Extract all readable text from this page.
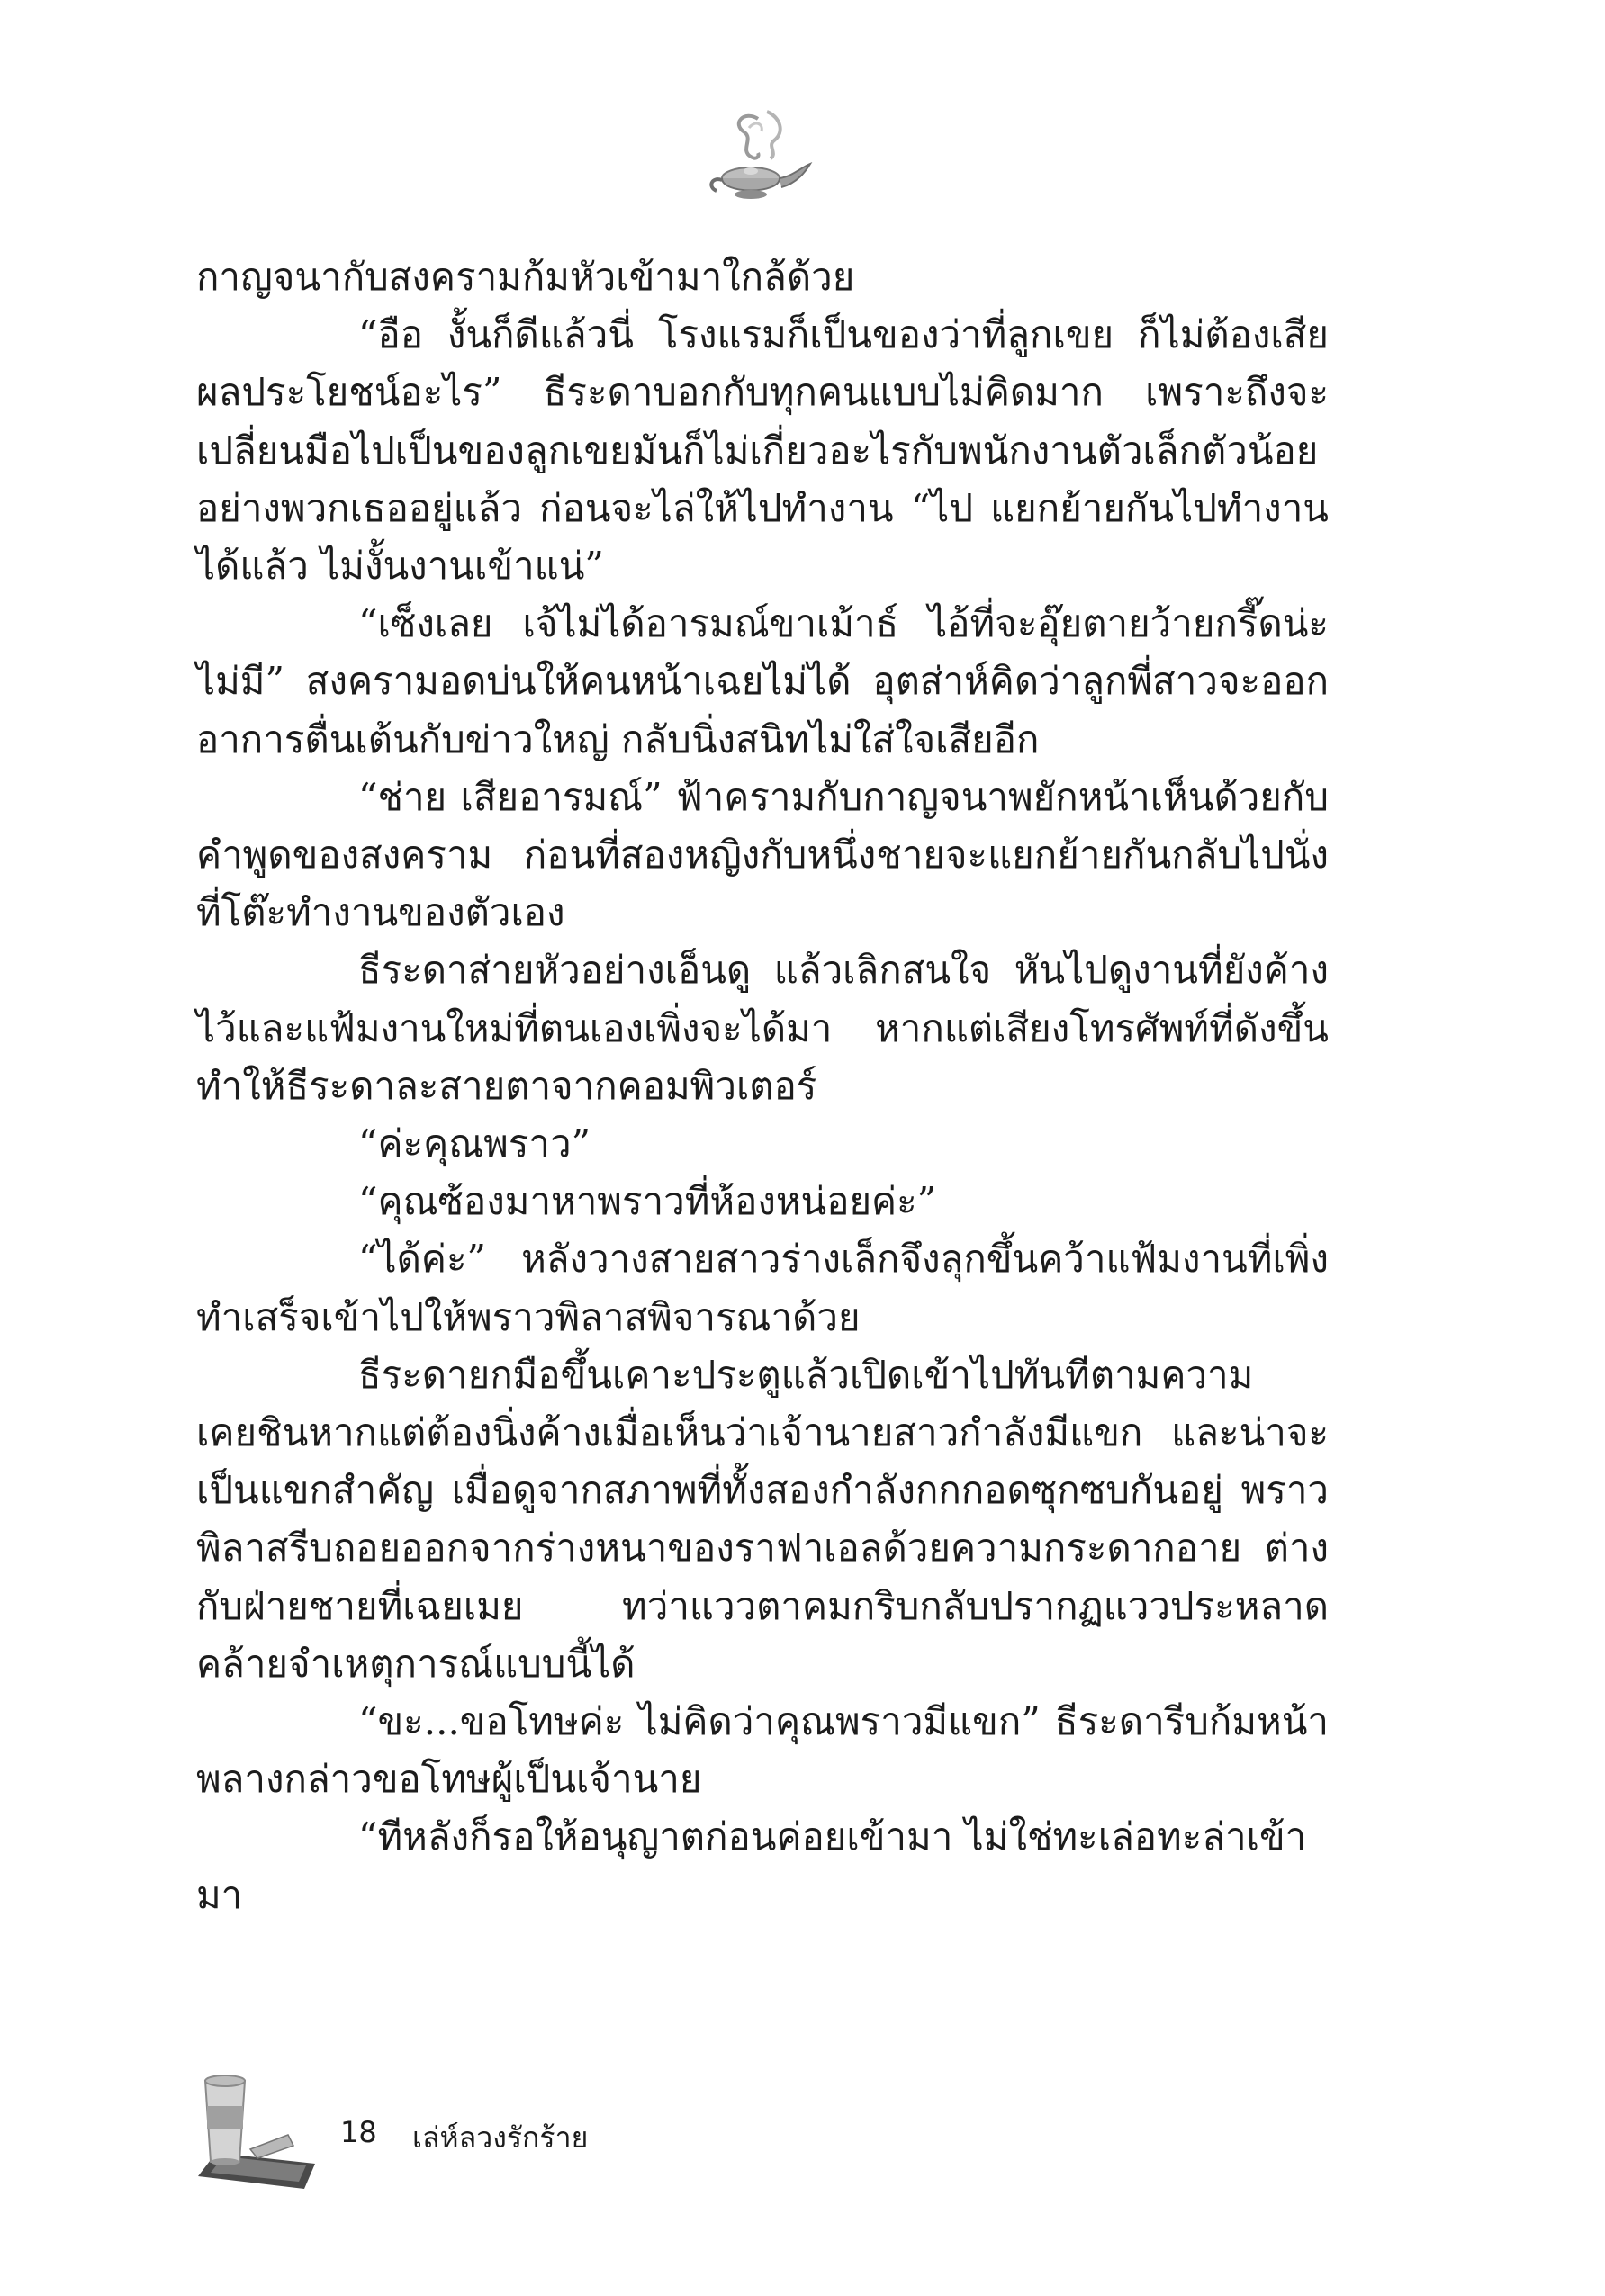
กาญจนากับสงครามก้มหัวเข้ามาใกล้ด้วย

“อือ งั้นก็ดีแล้วนี่ โรงแรมก็เป็นของว่าที่ลูกเขย ก็ไม่ต้องเสียผลประโยชน์อะไร” ธีระดาบอกกับทุกคนแบบไม่คิดมาก เพราะถึงจะเปลี่ยนมือไปเป็นของลูกเขยมันก็ไม่เกี่ยวอะไรกับพนักงานตัวเล็กตัวน้อยอย่างพวกเธออยู่แล้ว ก่อนจะไล่ให้ไปทำงาน “ไป แยกย้ายกันไปทำงานได้แล้ว ไม่งั้นงานเข้าแน่”

“เซ็งเลย เจ้ไม่ได้อารมณ์ขาเม้าธ์ ไอ้ที่จะอุ๊ยตายว้ายกรี๊ดน่ะไม่มี” สงครามอดบ่นให้คนหน้าเฉยไม่ได้ อุตส่าห์คิดว่าลูกพี่สาวจะออกอาการตื่นเต้นกับข่าวใหญ่ กลับนิ่งสนิทไม่ใส่ใจเสียอีก

“ช่าย เสียอารมณ์” ฟ้าครามกับกาญจนาพยักหน้าเห็นด้วยกับคำพูดของสงคราม ก่อนที่สองหญิงกับหนึ่งชายจะแยกย้ายกันกลับไปนั่งที่โต๊ะทำงานของตัวเอง

ธีระดาส่ายหัวอย่างเอ็นดู แล้วเลิกสนใจ หันไปดูงานที่ยังค้างไว้และแฟ้มงานใหม่ที่ตนเองเพิ่งจะได้มา หากแต่เสียงโทรศัพท์ที่ดังขึ้นทำให้ธีระดาละสายตาจากคอมพิวเตอร์

“ค่ะคุณพราว”

“คุณซ้องมาหาพราวที่ห้องหน่อยค่ะ”

“ได้ค่ะ” หลังวางสายสาวร่างเล็กจึงลุกขึ้นคว้าแฟ้มงานที่เพิ่งทำเสร็จเข้าไปให้พราวพิลาสพิจารณาด้วย

ธีระดายกมือขึ้นเคาะประตูแล้วเปิดเข้าไปทันทีตามความเคยชินหากแต่ต้องนิ่งค้างเมื่อเห็นว่าเจ้านายสาวกำลังมีแขก และน่าจะเป็นแขกสำคัญ เมื่อดูจากสภาพที่ทั้งสองกำลังกกกอดซุกซบกันอยู่ พราวพิลาสรีบถอยออกจากร่างหนาของราฟาเอลด้วยความกระดากอาย ต่างกับฝ่ายชายที่เฉยเมย ทว่าแววตาคมกริบกลับปรากฏแววประหลาดคล้ายจำเหตุการณ์แบบนี้ได้

“ขะ...ขอโทษค่ะ ไม่คิดว่าคุณพราวมีแขก” ธีระดารีบก้มหน้าพลางกล่าวขอโทษผู้เป็นเจ้านาย

“ทีหลังก็รอให้อนุญาตก่อนค่อยเข้ามา ไม่ใช่ทะเล่อทะล่าเข้ามา

18 เล่ห์ลวงรักร้าย
